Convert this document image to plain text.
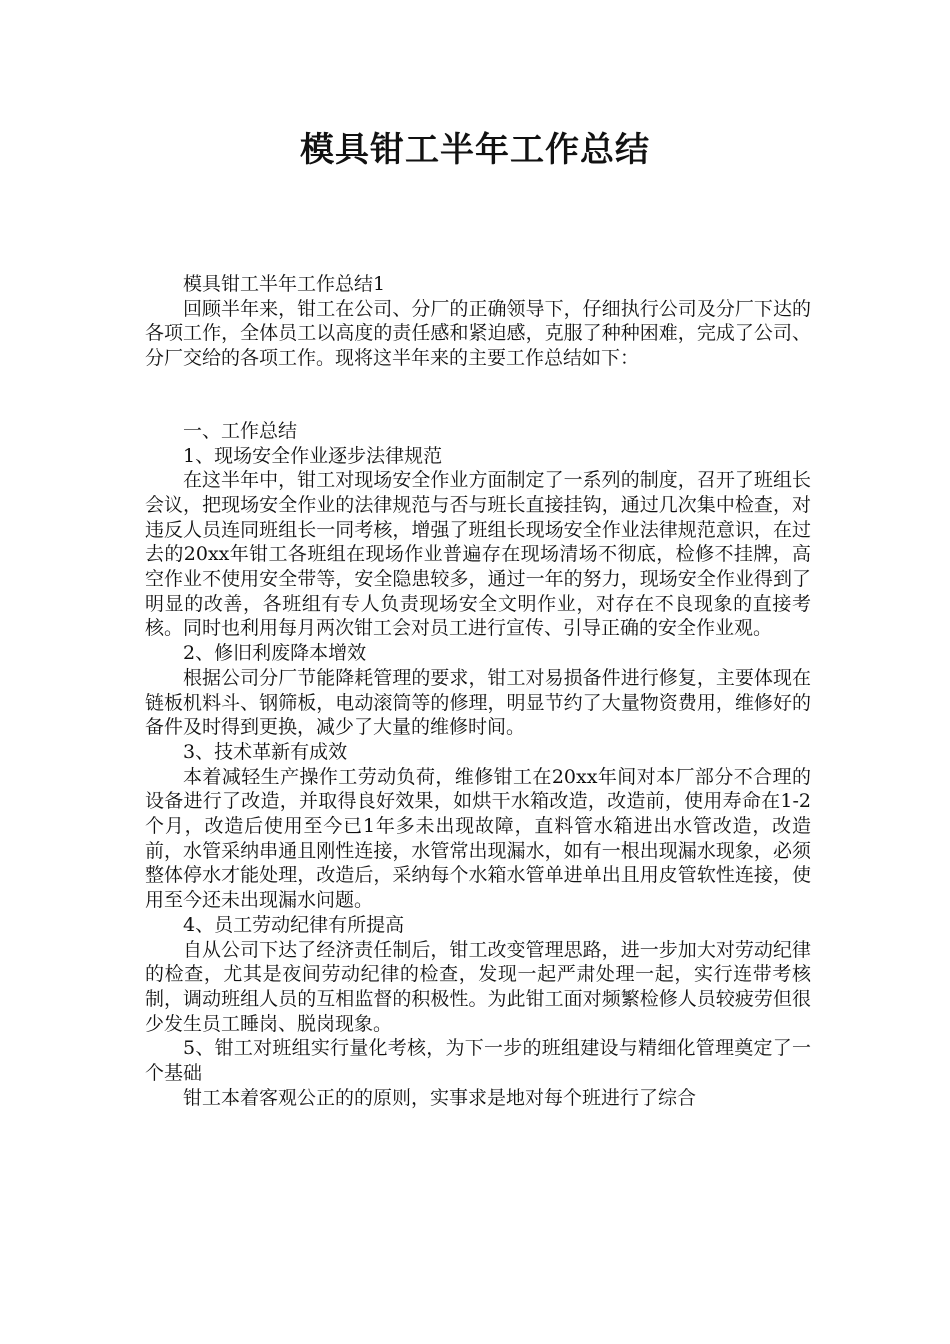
模具钳工半年工作总结

模具钳工半年工作总结1

回顾半年来，钳工在公司、分厂的正确领导下，仔细执行公司及分厂下达的各项工作，全体员工以高度的责任感和紧迫感，克服了种种困难，完成了公司、分厂交给的各项工作。现将这半年来的主要工作总结如下：

一、工作总结

1、现场安全作业逐步法律规范

在这半年中，钳工对现场安全作业方面制定了一系列的制度，召开了班组长会议，把现场安全作业的法律规范与否与班长直接挂钩，通过几次集中检查，对违反人员连同班组长一同考核，增强了班组长现场安全作业法律规范意识，在过去的20xx年钳工各班组在现场作业普遍存在现场清场不彻底，检修不挂牌，高空作业不使用安全带等，安全隐患较多，通过一年的努力，现场安全作业得到了明显的改善，各班组有专人负责现场安全文明作业，对存在不良现象的直接考核。同时也利用每月两次钳工会对员工进行宣传、引导正确的安全作业观。

2、修旧利废降本增效

根据公司分厂节能降耗管理的要求，钳工对易损备件进行修复，主要体现在链板机料斗、钢筛板，电动滚筒等的修理，明显节约了大量物资费用，维修好的备件及时得到更换，减少了大量的维修时间。

3、技术革新有成效

本着减轻生产操作工劳动负荷，维修钳工在20xx年间对本厂部分不合理的设备进行了改造，并取得良好效果，如烘干水箱改造，改造前，使用寿命在1-2个月，改造后使用至今已1年多未出现故障，直料管水箱进出水管改造，改造前，水管采纳串通且刚性连接，水管常出现漏水，如有一根出现漏水现象，必须整体停水才能处理，改造后，采纳每个水箱水管单进单出且用皮管软性连接，使用至今还未出现漏水问题。

4、员工劳动纪律有所提高

自从公司下达了经济责任制后，钳工改变管理思路，进一步加大对劳动纪律的检查，尤其是夜间劳动纪律的检查，发现一起严肃处理一起，实行连带考核制，调动班组人员的互相监督的积极性。为此钳工面对频繁检修人员较疲劳但很少发生员工睡岗、脱岗现象。

5、钳工对班组实行量化考核，为下一步的班组建设与精细化管理奠定了一个基础

钳工本着客观公正的的原则，实事求是地对每个班进行了综合
